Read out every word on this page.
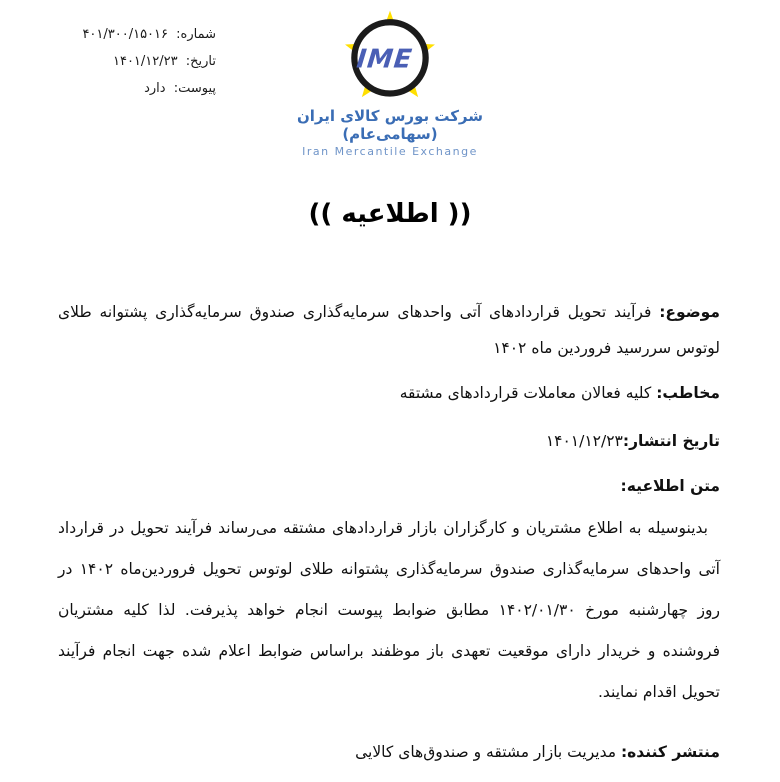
شماره: ۴۰۱/۳۰۰/۱۵۰۱۶
تاریخ: ۱۴۰۱/۱۲/۲۳
پیوست: دارد
IME
شرکت بورس کالای ایران (سهامی‌عام)
Iran Mercantile Exchange
(( اطلاعیه ))

موضوع: فرآیند تحویل قراردادهای آتی واحدهای سرمایه‌گذاری صندوق سرمایه‌گذاری پشتوانه طلای لوتوس سررسید فروردین ماه ۱۴۰۲

مخاطب: کلیه فعالان معاملات قراردادهای مشتقه

تاریخ انتشار:۱۴۰۱/۱۲/۲۳

متن اطلاعیه:

بدینوسیله به اطلاع مشتریان و کارگزاران بازار قراردادهای مشتقه می‌رساند فرآیند تحویل در قرارداد آتی واحدهای سرمایه‌گذاری صندوق سرمایه‌گذاری پشتوانه طلای لوتوس تحویل فروردین‌ماه ۱۴۰۲ در روز چهارشنبه مورخ ۱۴۰۲/۰۱/۳۰ مطابق ضوابط پیوست انجام خواهد پذیرفت. لذا کلیه مشتریان فروشنده و خریدار دارای موقعیت تعهدی باز موظفند براساس ضوابط اعلام شده جهت انجام فرآیند تحویل اقدام نمایند.

منتشر کننده: مدیریت بازار مشتقه و صندوق‌های کالایی
